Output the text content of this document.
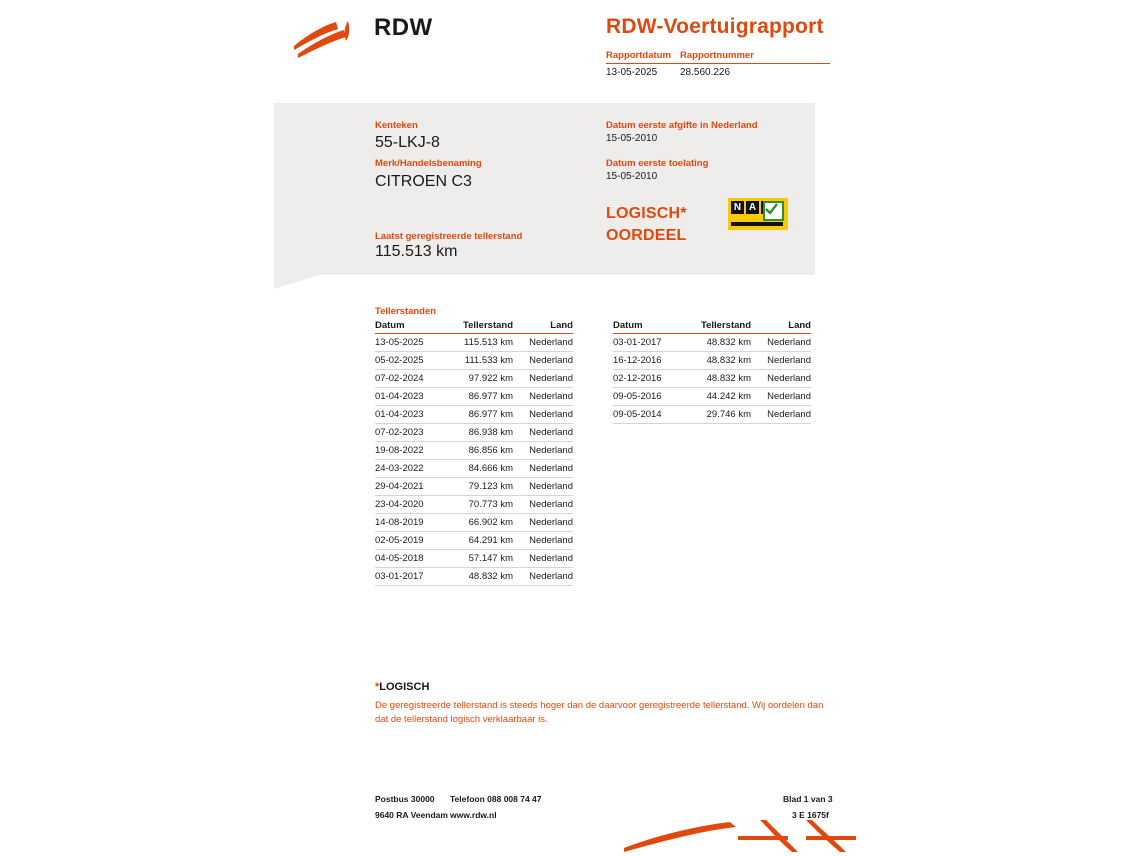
RDW	RDW-Voertuigrapport
Rapportdatum
13-05-2025
Rapportnummer
28.560.226
Kenteken
55-LKJ-8
Merk/Handelsbenaming
CITROEN C3
Laatst geregistreerde tellerstand
115.513 km
Datum eerste afgifte in Nederland
15-05-2010
Datum eerste toelating
15-05-2010
LOGISCH*
OORDEEL
N A
Tellerstanden
Datum	Tellerstand	Land
13-05-2025	115.513 km	Nederland
05-02-2025	111.533 km	Nederland
07-02-2024	97.922 km	Nederland
01-04-2023	86.977 km	Nederland
01-04-2023	86.977 km	Nederland
07-02-2023	86.938 km	Nederland
19-08-2022	86.856 km	Nederland
24-03-2022	84.666 km	Nederland
29-04-2021	79.123 km	Nederland
23-04-2020	70.773 km	Nederland
14-08-2019	66.902 km	Nederland
02-05-2019	64.291 km	Nederland
04-05-2018	57.147 km	Nederland
03-01-2017	48.832 km	Nederland
Datum	Tellerstand	Land
03-01-2017	48.832 km	Nederland
16-12-2016	48.832 km	Nederland
02-12-2016	48.832 km	Nederland
09-05-2016	44.242 km	Nederland
09-05-2014	29.746 km	Nederland
*LOGISCH
De geregistreerde tellerstand is steeds hoger dan de daarvoor geregistreerde tellerstand. Wij oordelen dan dat de tellerstand logisch verklaarbaar is.
Postbus 30000
9640 RA Veendam
Telefoon 088 008 74 47
www.rdw.nl
Blad 1 van 3
3 E 1675f
